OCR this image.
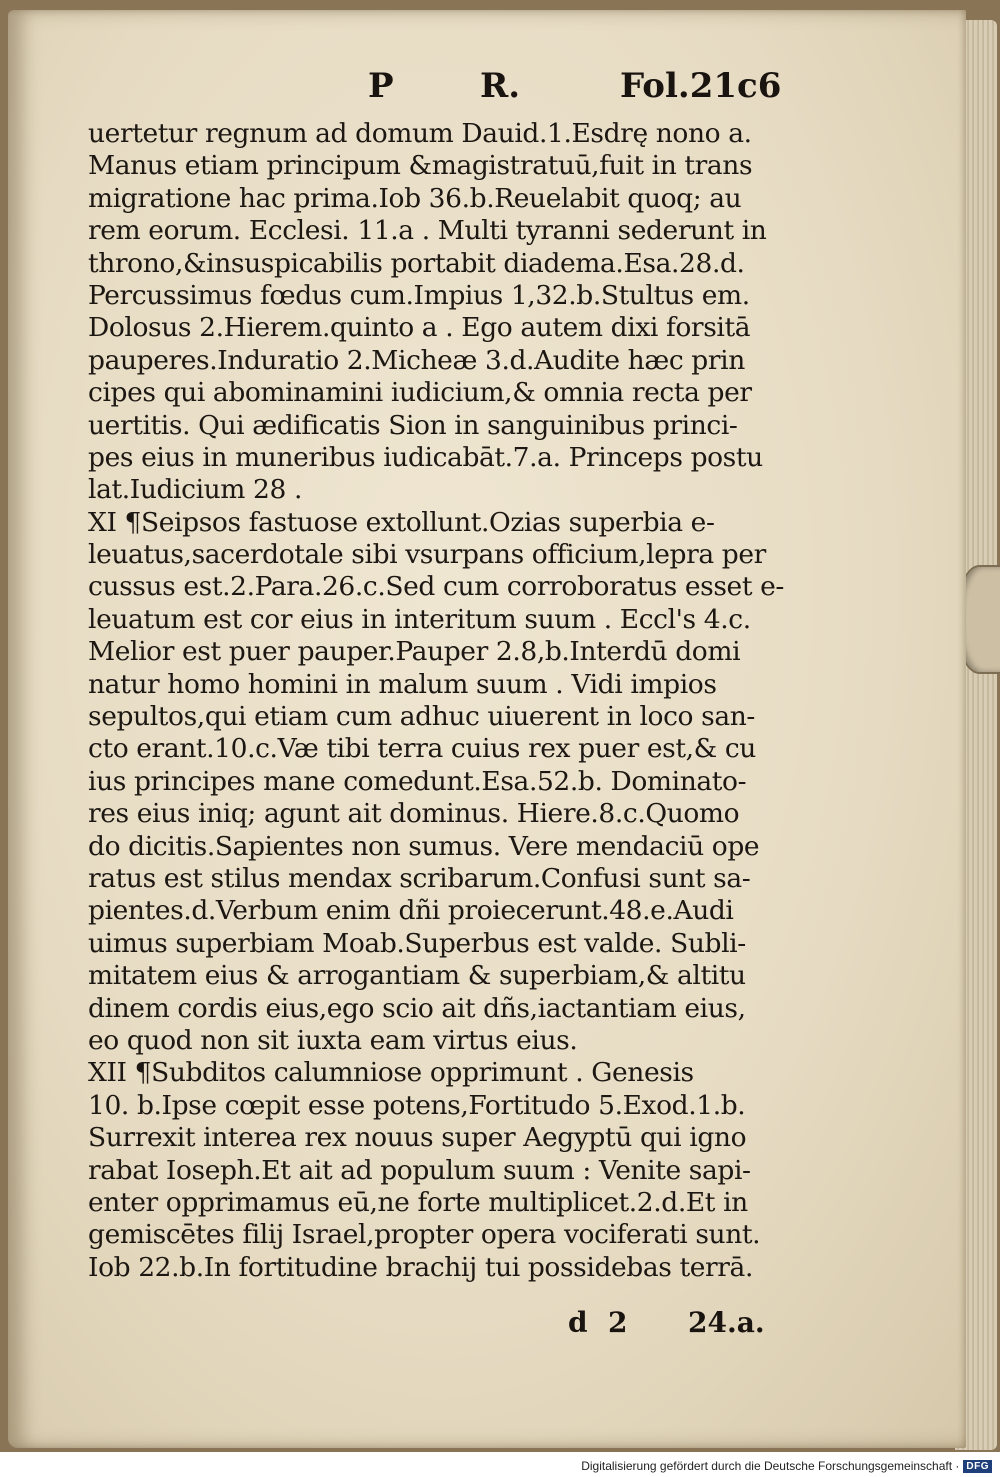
P	R.	Fol.21c6
uertetur regnum ad domum Dauid.1.Esdrę nono a.
Manus etiam principum &magistratuū,fuit in trans
migratione hac prima.Iob 36.b.Reuelabit quoq; au
rem eorum. Ecclesi. 11.a . Multi tyranni sederunt in
throno,&insuspicabilis portabit diadema.Esa.28.d.
Percussimus fœdus cum.Impius 1,32.b.Stultus em.
Dolosus 2.Hierem.quinto a . Ego autem dixi forsitā
pauperes.Induratio 2.Micheæ 3.d.Audite hæc prin
cipes qui abominamini iudicium,& omnia recta per
uertitis. Qui ædificatis Sion in sanguinibus princi-
pes eius in muneribus iudicabāt.7.a. Princeps postu
lat.Iudicium 28 .
XI ¶Seipsos fastuose extollunt.Ozias superbia e-
leuatus,sacerdotale sibi vsurpans officium,lepra per
cussus est.2.Para.26.c.Sed cum corroboratus esset e-
leuatum est cor eius in interitum suum . Eccl's 4.c.
Melior est puer pauper.Pauper 2.8,b.Interdū domi
natur homo homini in malum suum . Vidi impios
sepultos,qui etiam cum adhuc uiuerent in loco san-
cto erant.10.c.Væ tibi terra cuius rex puer est,& cu
ius principes mane comedunt.Esa.52.b. Dominato-
res eius iniq; agunt ait dominus. Hiere.8.c.Quomo
do dicitis.Sapientes non sumus. Vere mendaciū ope
ratus est stilus mendax scribarum.Confusi sunt sa-
pientes.d.Verbum enim dñi proiecerunt.48.e.Audi
uimus superbiam Moab.Superbus est valde. Subli-
mitatem eius & arrogantiam & superbiam,& altitu
dinem cordis eius,ego scio ait dñs,iactantiam eius,
eo quod non sit iuxta eam virtus eius.
XII ¶Subditos calumniose opprimunt . Genesis
10. b.Ipse cœpit esse potens,Fortitudo 5.Exod.1.b.
Surrexit interea rex nouus super Aegyptū qui igno
rabat Ioseph.Et ait ad populum suum : Venite sapi-
enter opprimamus eū,ne forte multiplicet.2.d.Et in
gemiscētes filij Israel,propter opera vociferati sunt.
Iob 22.b.In fortitudine brachij tui possidebas terrā.
d 2 24.a.
Digitalisierung gefördert durch die Deutsche Forschungsgemeinschaft · DFG
